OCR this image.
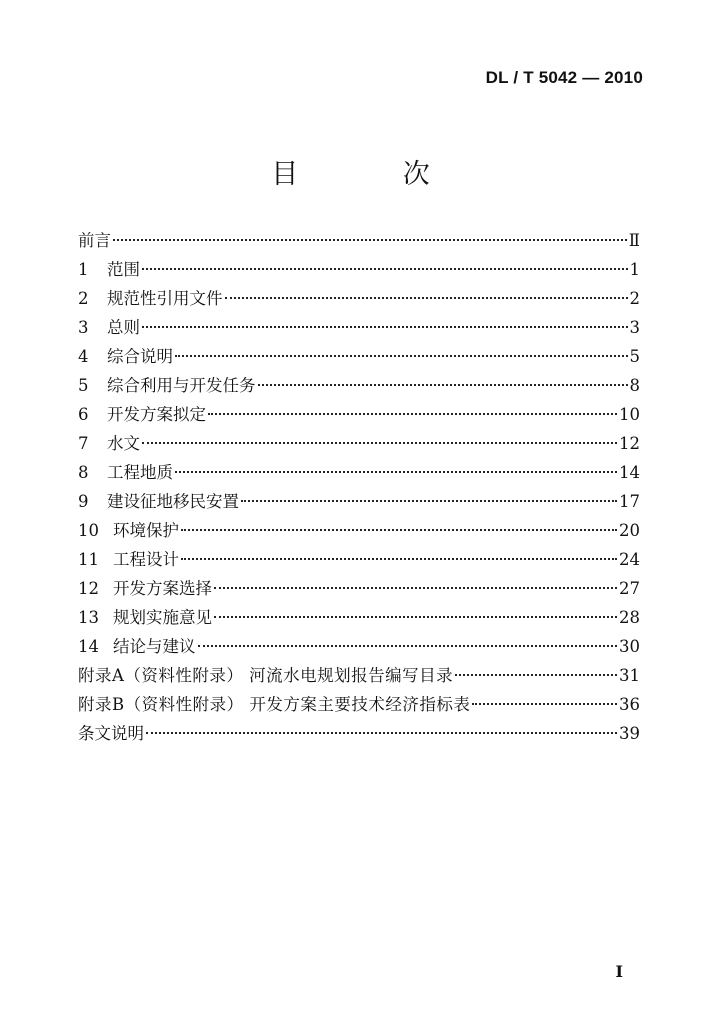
DL / T 5042 — 2010
目 次
前言	Ⅱ
1	范围	1
2	规范性引用文件	2
3	总则	3
4	综合说明	5
5	综合利用与开发任务	8
6	开发方案拟定	10
7	水文	12
8	工程地质	14
9	建设征地移民安置	17
10 环境保护	20
11 工程设计	24
12 开发方案选择	27
13 规划实施意见	28
14 结论与建议	30
附录A（资料性附录） 河流水电规划报告编写目录	31
附录B（资料性附录） 开发方案主要技术经济指标表	36
条文说明	39
Ⅰ
